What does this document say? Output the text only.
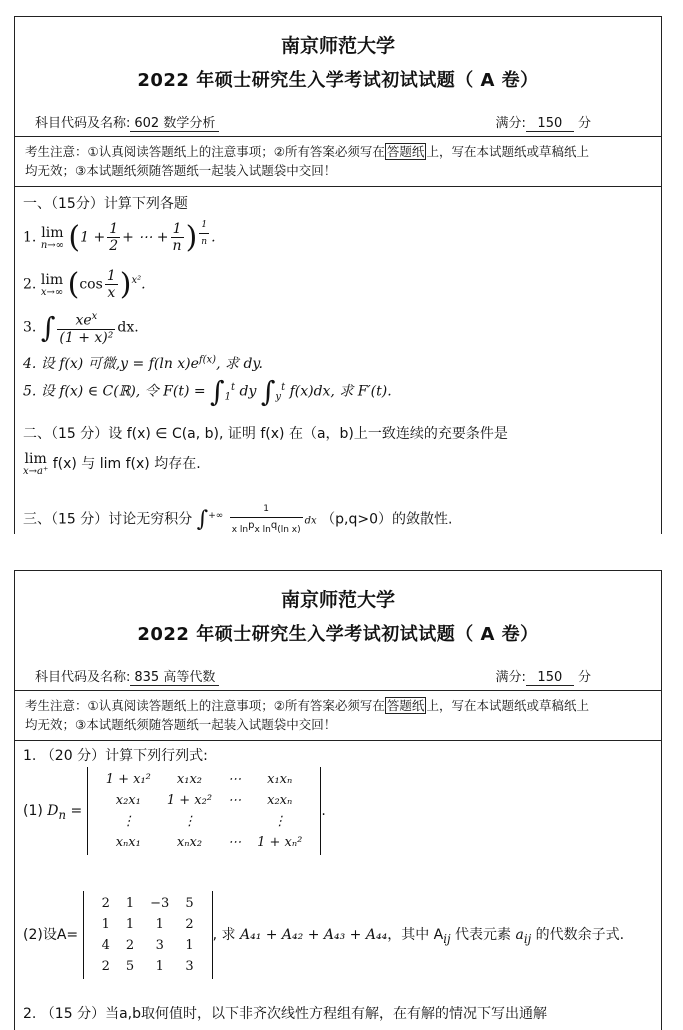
南京师范大学
2022 年硕士研究生入学考试初试试题（ A 卷）
科目代码及名称: 602 数学分析	满分: 150 分
考生注意：①认真阅读答题纸上的注意事项；②所有答案必须写在 答题纸 上，写在本试题纸或草稿纸上
均无效；③本试题纸须随答题纸一起装入试题袋中交回！
一、（15分）计算下列各题
1. lim
n→∞ ($1 + \frac{1}{2}$ + ⋯ + $\frac{1}{n}$ ) $^{\frac{1}{n}}$ .
2. lim
x→∞ $(\cos \frac{1}{x} )^{x^2}$.
3. ∫ $\frac{xe^x}{\text{(1 + x)²}}$ dx.
4. 设 f(x) 可微,y = f(ln $x)e^{f(x)}$, 求 dy.
5. 设 f(x) ∈ C(ℝ), 令 $F(t) = \int_1^t$ dy $\int_y^t$ f(x)dx, 求 F′(t).
二、（15 分）设 f(x) ∈ C(a, b), 证明 f(x) 在（a，b)上一致连续的充要条件是
lim
x→a⁺ f(x) 与 lim f(x) 均存在.
三、（15 分）讨论无穷积分 $\int^{+\infty} \frac{1}{x \ln^px \ln^q(\ln x)}$ dx （p,q>0）的敛散性.
南京师范大学
2022 年硕士研究生入学考试初试试题（ A 卷）
科目代码及名称: 835 高等代数	满分: 150 分
考生注意：①认真阅读答题纸上的注意事项；②所有答案必须写在 答题纸 上，写在本试题纸或草稿纸上
均无效；③本试题纸须随答题纸一起装入试题袋中交回！
1. （20 分）计算下列行列式:
(1) $D_n$ =
1 + x₁²	x₁x₂	⋯	x₁xₙ
x₂x₁	1 + x₂²	⋯	x₂xₙ
⋮	⋮		⋮
xₙx₁	xₙx₂	⋯	1 + xₙ²
.
(2)设A=
2	1	−3	5
1	1	1	2
4	2	3	1
2	5	1	3
, 求 A₄₁ + A₄₂ + A₄₃ + A₄₄，其中 $A_{ij}$ 代表元素 $a_{ij}$ 的代数余子式.
2. （15 分）当a,b取何值时，以下非齐次线性方程组有解，在有解的情况下写出通解
